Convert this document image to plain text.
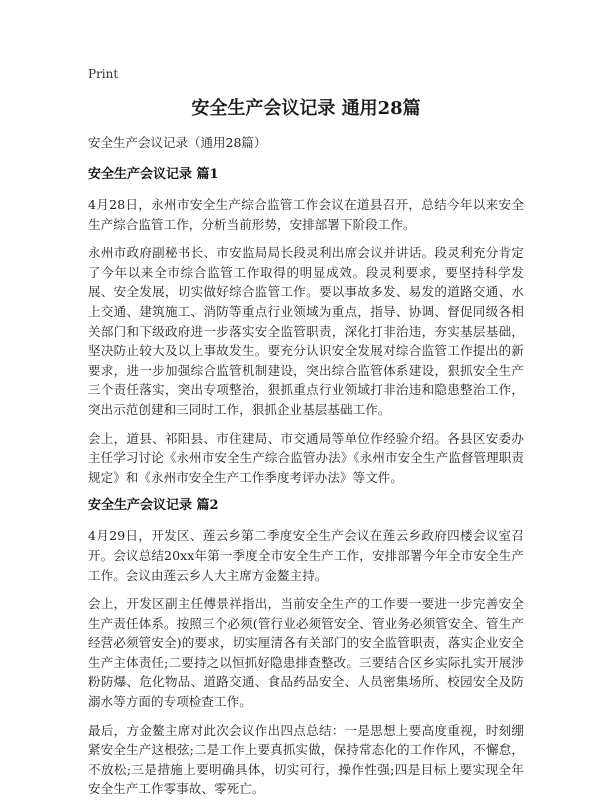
Print
安全生产会议记录 通用28篇
安全生产会议记录（通用28篇）
安全生产会议记录 篇1

4月28日，永州市安全生产综合监管工作会议在道县召开，总结今年以来安全生产综合监管工作，分析当前形势，安排部署下阶段工作。

永州市政府副秘书长、市安监局局长段灵利出席会议并讲话。段灵利充分肯定了今年以来全市综合监管工作取得的明显成效。段灵利要求，要坚持科学发展、安全发展，切实做好综合监管工作。要以事故多发、易发的道路交通、水上交通、建筑施工、消防等重点行业领域为重点，指导、协调、督促同级各相关部门和下级政府进一步落实安全监管职责，深化打非治违，夯实基层基础，坚决防止较大及以上事故发生。要充分认识安全发展对综合监管工作提出的新要求，进一步加强综合监管机制建设，突出综合监管体系建设，狠抓安全生产三个责任落实，突出专项整治，狠抓重点行业领域打非治违和隐患整治工作，突出示范创建和三同时工作，狠抓企业基层基础工作。

会上，道县、祁阳县、市住建局、市交通局等单位作经验介绍。各县区安委办主任学习讨论《永州市安全生产综合监管办法》《永州市安全生产监督管理职责规定》和《永州市安全生产工作季度考评办法》等文件。

安全生产会议记录 篇2

4月29日，开发区、莲云乡第二季度安全生产会议在莲云乡政府四楼会议室召开。会议总结20xx年第一季度全市安全生产工作，安排部署今年全市安全生产工作。会议由莲云乡人大主席方金鳌主持。

会上，开发区副主任傅景祥指出，当前安全生产的工作要一要进一步完善安全生产责任体系。按照三个必须(管行业必须管安全、管业务必须管安全、管生产经营必须管安全)的要求，切实厘清各有关部门的安全监管职责，落实企业安全生产主体责任;二要持之以恒抓好隐患排查整改。三要结合区乡实际扎实开展涉粉防爆、危化物品、道路交通、食品药品安全、人员密集场所、校园安全及防溺水等方面的专项检查工作。

最后，方金鳌主席对此次会议作出四点总结：一是思想上要高度重视，时刻绷紧安全生产这根弦;二是工作上要真抓实做，保持常态化的工作作风，不懈怠，不放松;三是措施上要明确具体，切实可行，操作性强;四是目标上要实现全年安全生产工作零事故、零死亡。
